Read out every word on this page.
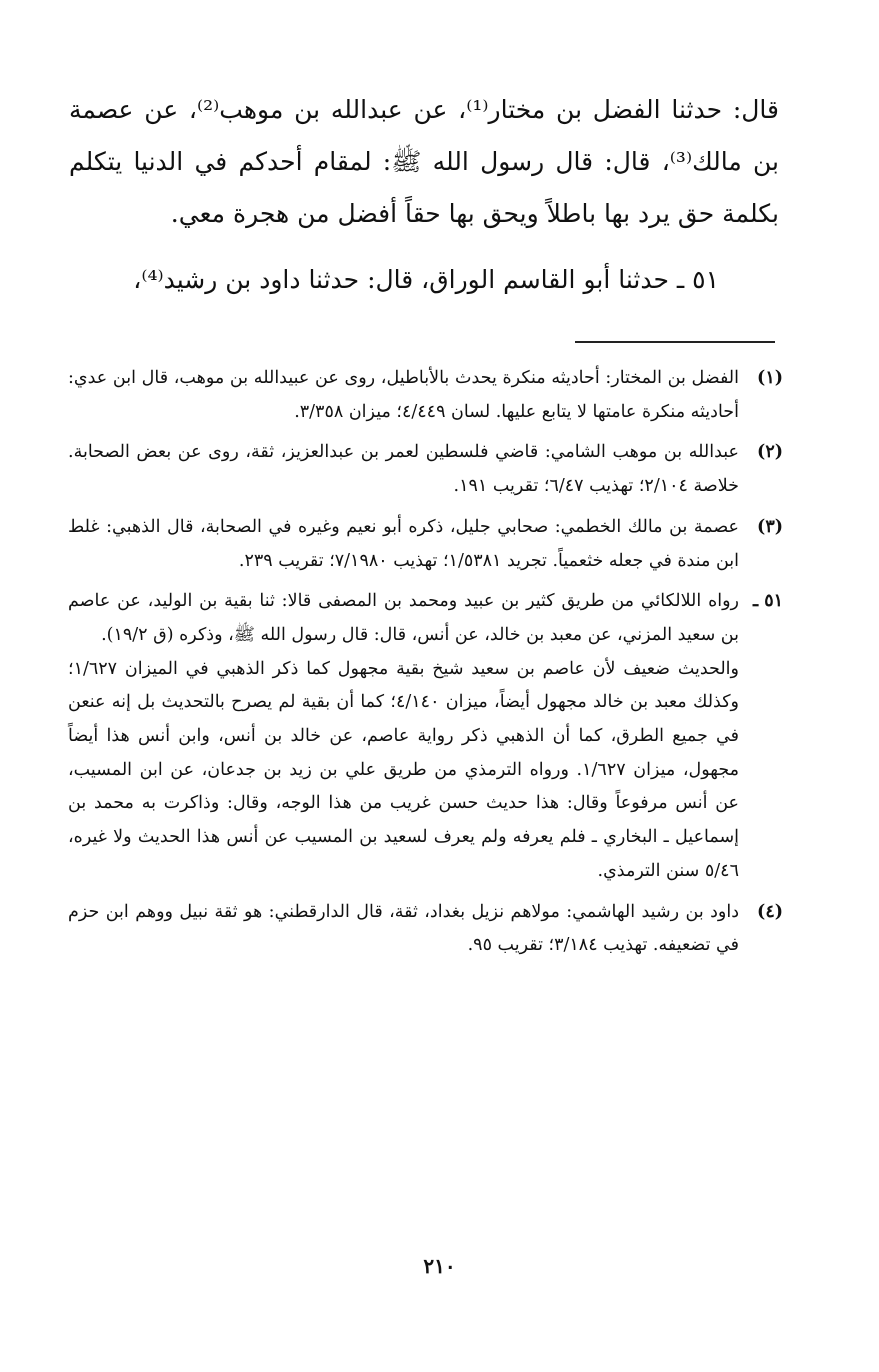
قال: حدثنا الفضل بن مختار⁽¹⁾، عن عبدالله بن موهب⁽²⁾، عن عصمة بن مالك⁽³⁾، قال: قال رسول الله ﷺ: لمقام أحدكم في الدنيا يتكلم بكلمة حق يرد بها باطلاً ويحق بها حقاً أفضل من هجرة معي.

٥١ ـ حدثنا أبو القاسم الوراق، قال: حدثنا داود بن رشيد⁽⁴⁾،

(١)
الفضل بن المختار: أحاديثه منكرة يحدث بالأباطيل، روى عن عبيدالله بن موهب، قال ابن عدي: أحاديثه منكرة عامتها لا يتابع عليها. لسان ٤/٤٤٩؛ ميزان ٣/٣٥٨.
(٢)
عبدالله بن موهب الشامي: قاضي فلسطين لعمر بن عبدالعزيز، ثقة، روى عن بعض الصحابة. خلاصة ٢/١٠٤؛ تهذيب ٦/٤٧؛ تقريب ١٩١.
(٣)
عصمة بن مالك الخطمي: صحابي جليل، ذكره أبو نعيم وغيره في الصحابة، قال الذهبي: غلط ابن مندة في جعله خثعمياً. تجريد ١/٥٣٨١؛ تهذيب ٧/١٩٨٠؛ تقريب ٢٣٩.
٥١ ـ
رواه اللالكائي من طريق كثير بن عبيد ومحمد بن المصفى قالا: ثنا بقية بن الوليد، عن عاصم بن سعيد المزني، عن معبد بن خالد، عن أنس، قال: قال رسول الله ﷺ، وذكره (ق ١٩/٢).
والحديث ضعيف لأن عاصم بن سعيد شيخ بقية مجهول كما ذكر الذهبي في الميزان ١/٦٢٧؛ وكذلك معبد بن خالد مجهول أيضاً، ميزان ٤/١٤٠؛ كما أن بقية لم يصرح بالتحديث بل إنه عنعن في جميع الطرق، كما أن الذهبي ذكر رواية عاصم، عن خالد بن أنس، وابن أنس هذا أيضاً مجهول، ميزان ١/٦٢٧. ورواه الترمذي من طريق علي بن زيد بن جدعان، عن ابن المسيب، عن أنس مرفوعاً وقال: هذا حديث حسن غريب من هذا الوجه، وقال: وذاكرت به محمد بن إسماعيل ـ البخاري ـ فلم يعرفه ولم يعرف لسعيد بن المسيب عن أنس هذا الحديث ولا غيره، ٥/٤٦ سنن الترمذي.
(٤)
داود بن رشيد الهاشمي: مولاهم نزيل بغداد، ثقة، قال الدارقطني: هو ثقة نبيل ووهم ابن حزم في تضعيفه. تهذيب ٣/١٨٤؛ تقريب ٩٥.
٢١٠
